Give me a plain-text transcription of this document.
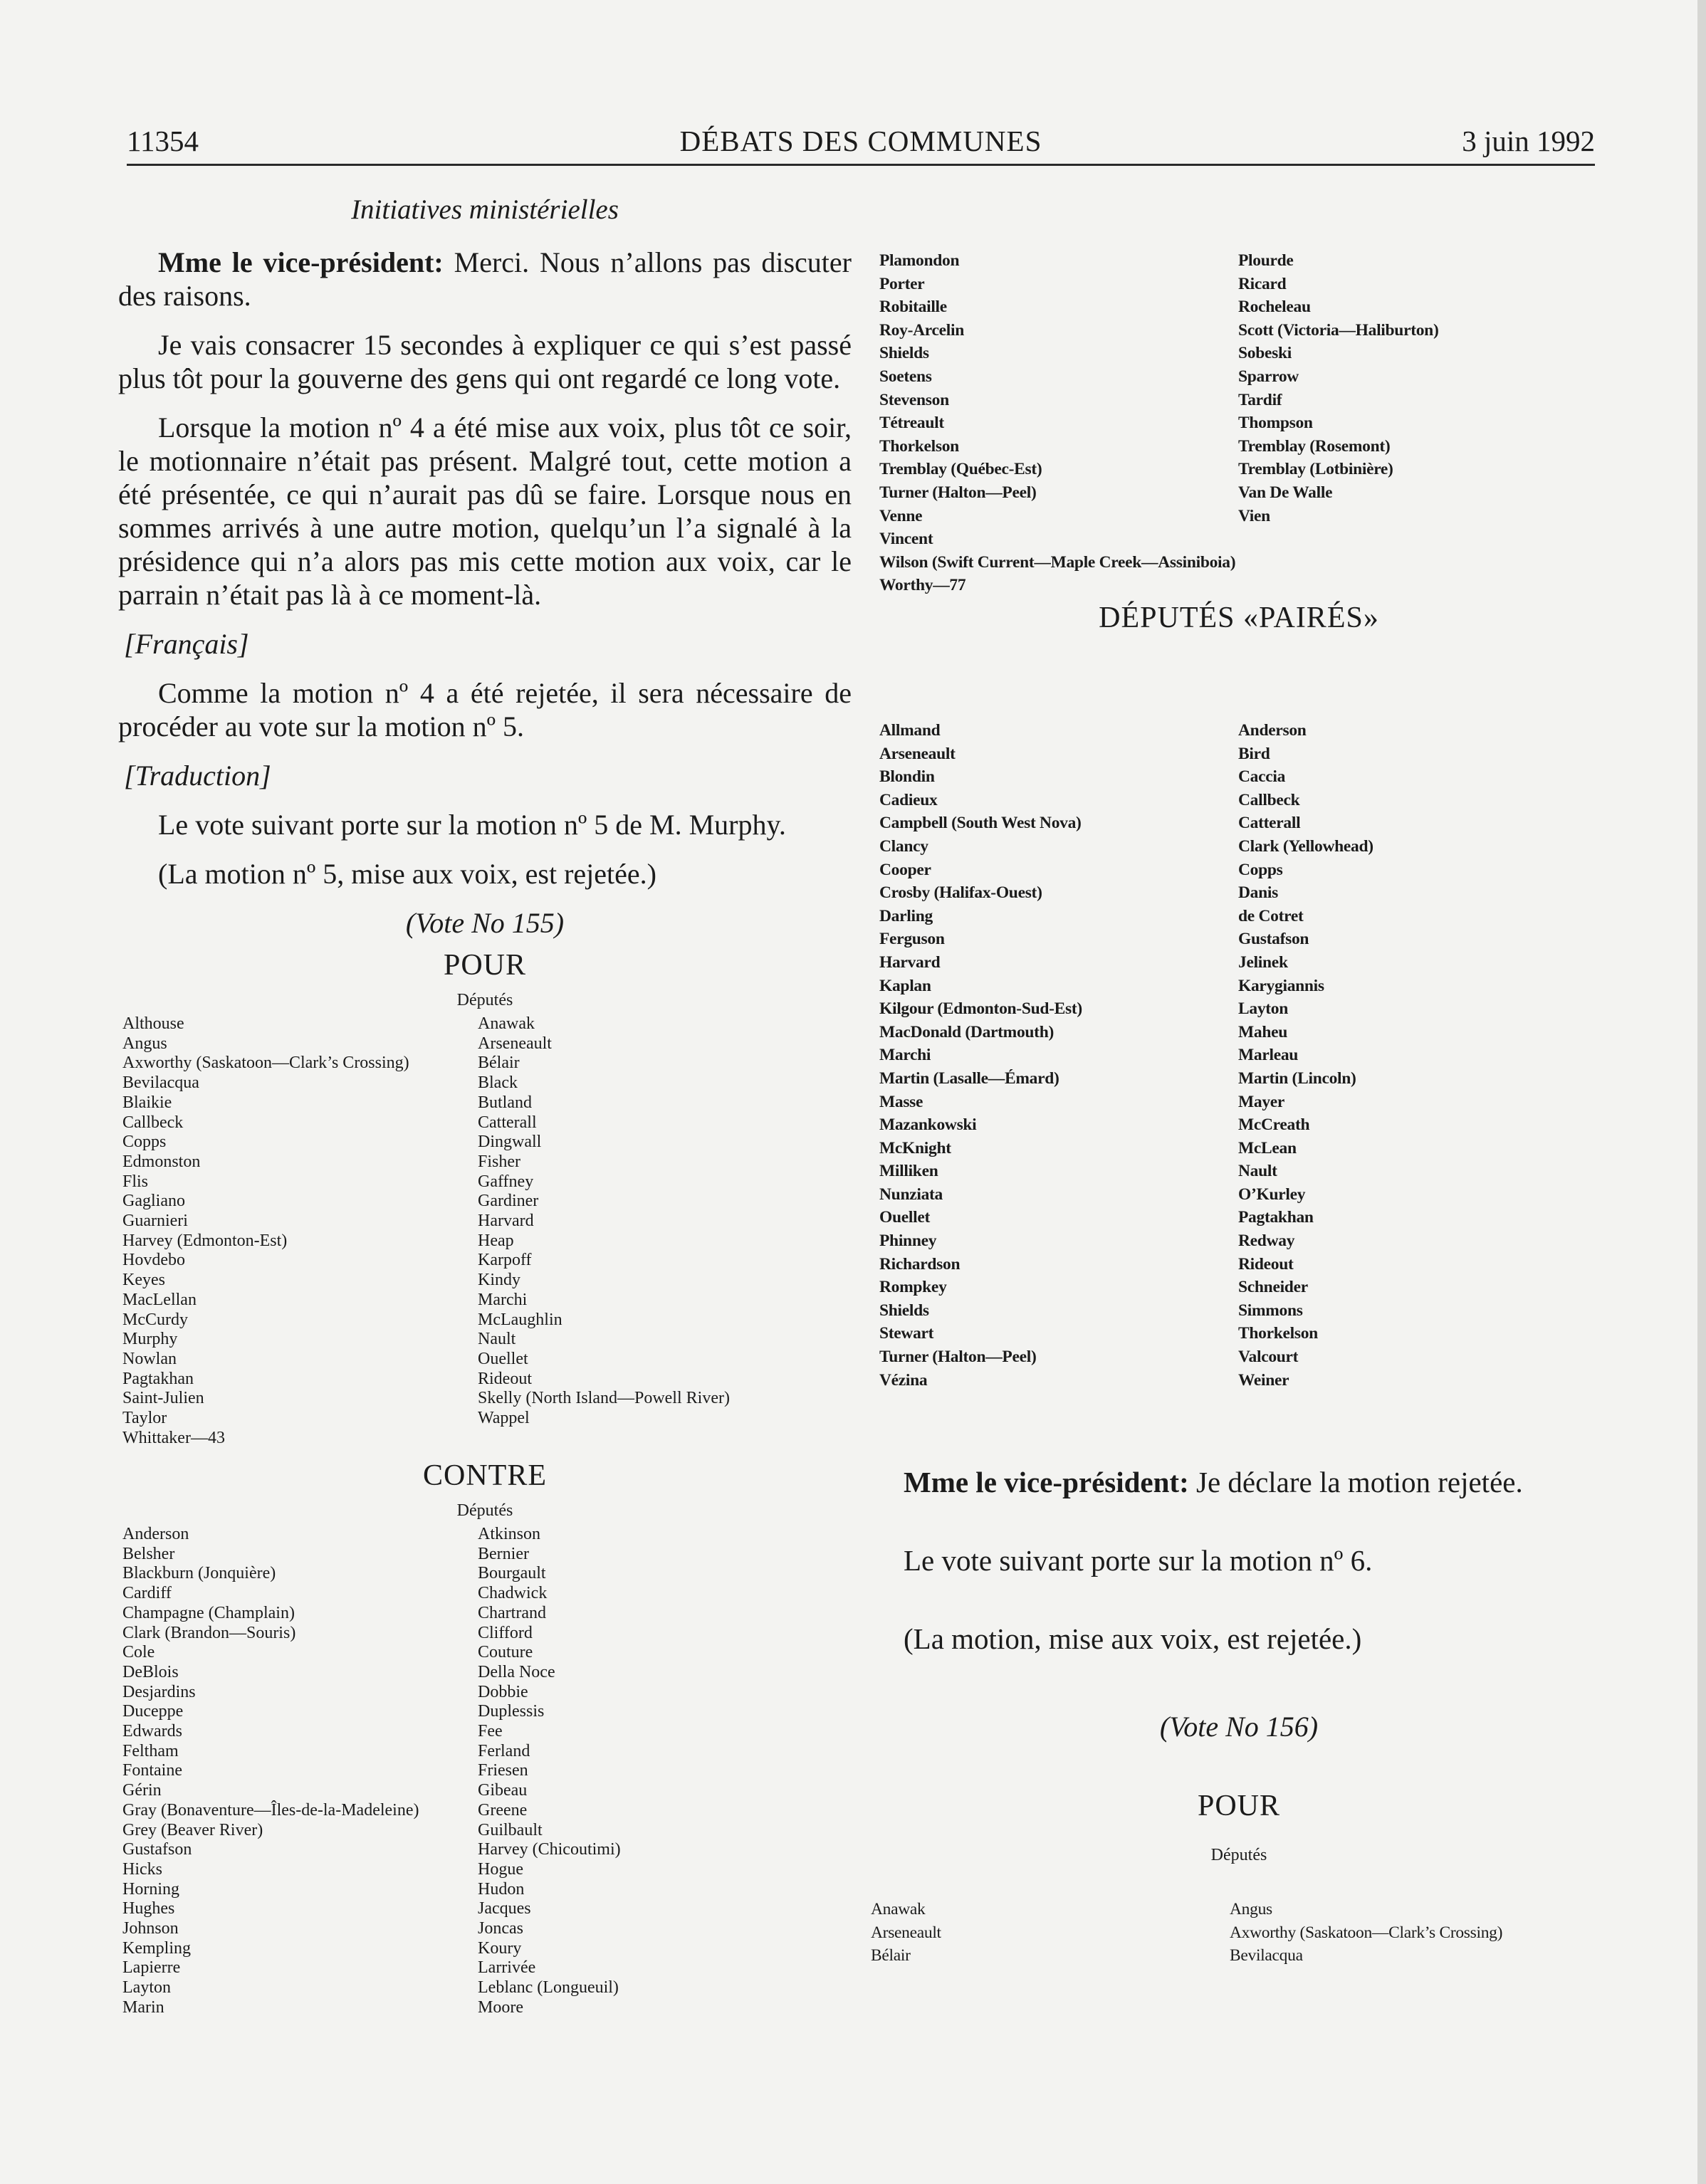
11354	DÉBATS DES COMMUNES	3 juin 1992
Initiatives ministérielles

Mme le vice-président: Merci. Nous n’allons pas discuter des raisons.

Je vais consacrer 15 secondes à expliquer ce qui s’est passé plus tôt pour la gouverne des gens qui ont regardé ce long vote.

Lorsque la motion nº 4 a été mise aux voix, plus tôt ce soir, le motionnaire n’était pas présent. Malgré tout, cette motion a été présentée, ce qui n’aurait pas dû se faire. Lorsque nous en sommes arrivés à une autre motion, quelqu’un l’a signalé à la présidence qui n’a alors pas mis cette motion aux voix, car le parrain n’était pas là à ce moment-là.

[Français]

Comme la motion nº 4 a été rejetée, il sera nécessaire de procéder au vote sur la motion nº 5.

[Traduction]

Le vote suivant porte sur la motion nº 5 de M. Murphy.

(La motion nº 5, mise aux voix, est rejetée.)

(Vote No 155)
POUR
Députés
Althouse
Angus
Axworthy (Saskatoon—Clark’s Crossing)
Bevilacqua
Blaikie
Callbeck
Copps
Edmonston
Flis
Gagliano
Guarnieri
Harvey (Edmonton-Est)
Hovdebo
Keyes
MacLellan
McCurdy
Murphy
Nowlan
Pagtakhan
Saint-Julien
Taylor
Whittaker—43
Anawak
Arseneault
Bélair
Black
Butland
Catterall
Dingwall
Fisher
Gaffney
Gardiner
Harvard
Heap
Karpoff
Kindy
Marchi
McLaughlin
Nault
Ouellet
Rideout
Skelly (North Island—Powell River)
Wappel
CONTRE
Députés
Anderson
Belsher
Blackburn (Jonquière)
Cardiff
Champagne (Champlain)
Clark (Brandon—Souris)
Cole
DeBlois
Desjardins
Duceppe
Edwards
Feltham
Fontaine
Gérin
Gray (Bonaventure—Îles-de-la-Madeleine)
Grey (Beaver River)
Gustafson
Hicks
Horning
Hughes
Johnson
Kempling
Lapierre
Layton
Marin
Atkinson
Bernier
Bourgault
Chadwick
Chartrand
Clifford
Couture
Della Noce
Dobbie
Duplessis
Fee
Ferland
Friesen
Gibeau
Greene
Guilbault
Harvey (Chicoutimi)
Hogue
Hudon
Jacques
Joncas
Koury
Larrivée
Leblanc (Longueuil)
Moore
Plamondon
Porter
Robitaille
Roy-Arcelin
Shields
Soetens
Stevenson
Tétreault
Thorkelson
Tremblay (Québec-Est)
Turner (Halton—Peel)
Venne
Vincent
Wilson (Swift Current—Maple Creek—Assiniboia)
Worthy—77
Plourde
Ricard
Rocheleau
Scott (Victoria—Haliburton)
Sobeski
Sparrow
Tardif
Thompson
Tremblay (Rosemont)
Tremblay (Lotbinière)
Van De Walle
Vien
DÉPUTÉS «PAIRÉS»
Allmand
Arseneault
Blondin
Cadieux
Campbell (South West Nova)
Clancy
Cooper
Crosby (Halifax-Ouest)
Darling
Ferguson
Harvard
Kaplan
Kilgour (Edmonton-Sud-Est)
MacDonald (Dartmouth)
Marchi
Martin (Lasalle—Émard)
Masse
Mazankowski
McKnight
Milliken
Nunziata
Ouellet
Phinney
Richardson
Rompkey
Shields
Stewart
Turner (Halton—Peel)
Vézina
Anderson
Bird
Caccia
Callbeck
Catterall
Clark (Yellowhead)
Copps
Danis
de Cotret
Gustafson
Jelinek
Karygiannis
Layton
Maheu
Marleau
Martin (Lincoln)
Mayer
McCreath
McLean
Nault
O’Kurley
Pagtakhan
Redway
Rideout
Schneider
Simmons
Thorkelson
Valcourt
Weiner
Mme le vice-président: Je déclare la motion rejetée.
Le vote suivant porte sur la motion nº 6.
(La motion, mise aux voix, est rejetée.)
(Vote No 156)
POUR
Députés
Anawak
Arseneault
Bélair
Angus
Axworthy (Saskatoon—Clark’s Crossing)
Bevilacqua
